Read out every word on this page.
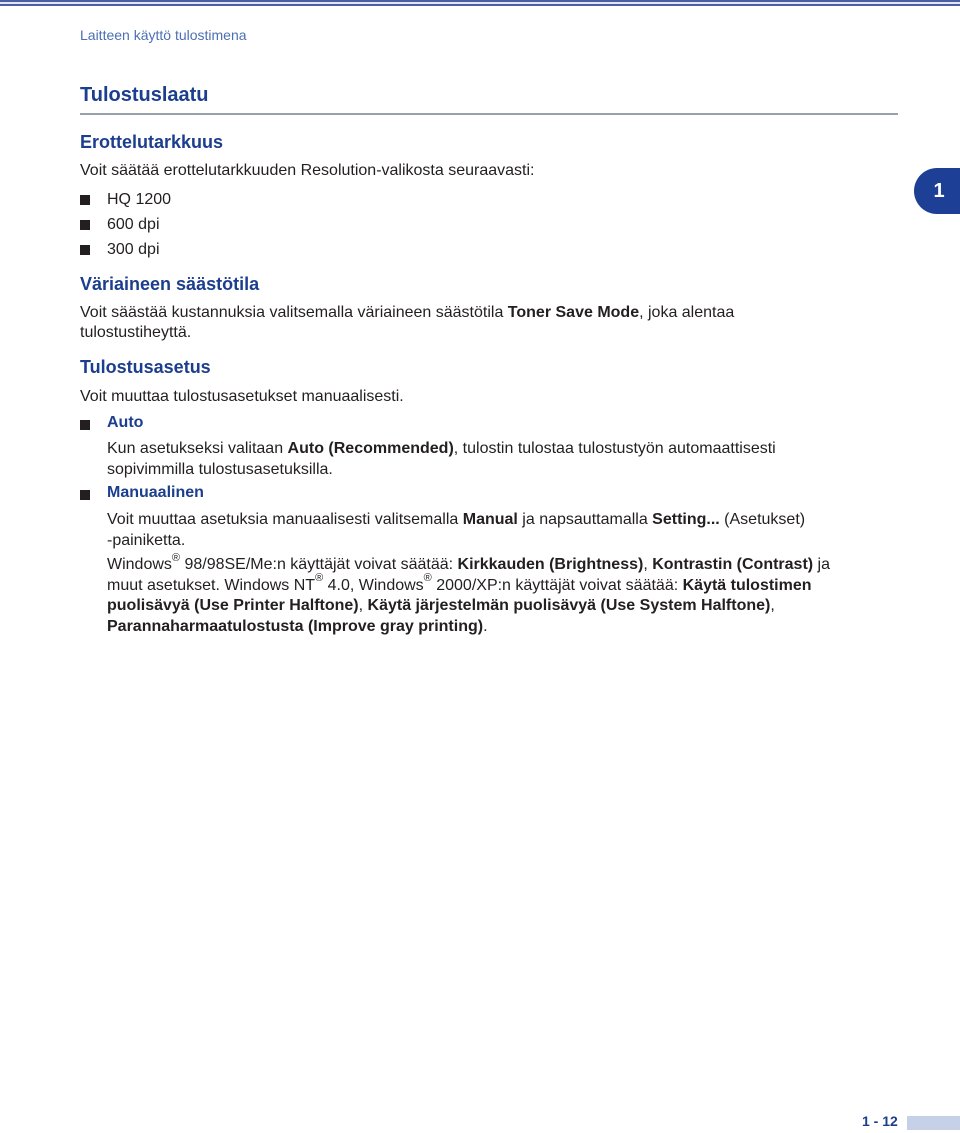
Laitteen käyttö tulostimena
Tulostuslaatu
1
Erottelutarkkuus
Voit säätää erottelutarkkuuden Resolution-valikosta seuraavasti:
HQ 1200
600 dpi
300 dpi
Väriaineen säästötila
Voit säästää kustannuksia valitsemalla väriaineen säästötila Toner Save Mode, joka alentaa
tulostustiheyttä.
Tulostusasetus
Voit muuttaa tulostusasetukset manuaalisesti.
Auto
Kun asetukseksi valitaan Auto (Recommended), tulostin tulostaa tulostustyön automaattisesti
sopivimmilla tulostusasetuksilla.
Manuaalinen
Voit muuttaa asetuksia manuaalisesti valitsemalla Manual ja napsauttamalla Setting... (Asetukset)
-painiketta.
Windows® 98/98SE/Me:n käyttäjät voivat säätää: Kirkkauden (Brightness), Kontrastin (Contrast) ja
muut asetukset. Windows NT® 4.0, Windows® 2000/XP:n käyttäjät voivat säätää: Käytä tulostimen
puolisävyä (Use Printer Halftone), Käytä järjestelmän puolisävyä (Use System Halftone),
Parannaharmaatulostusta (Improve gray printing).
1 - 12
